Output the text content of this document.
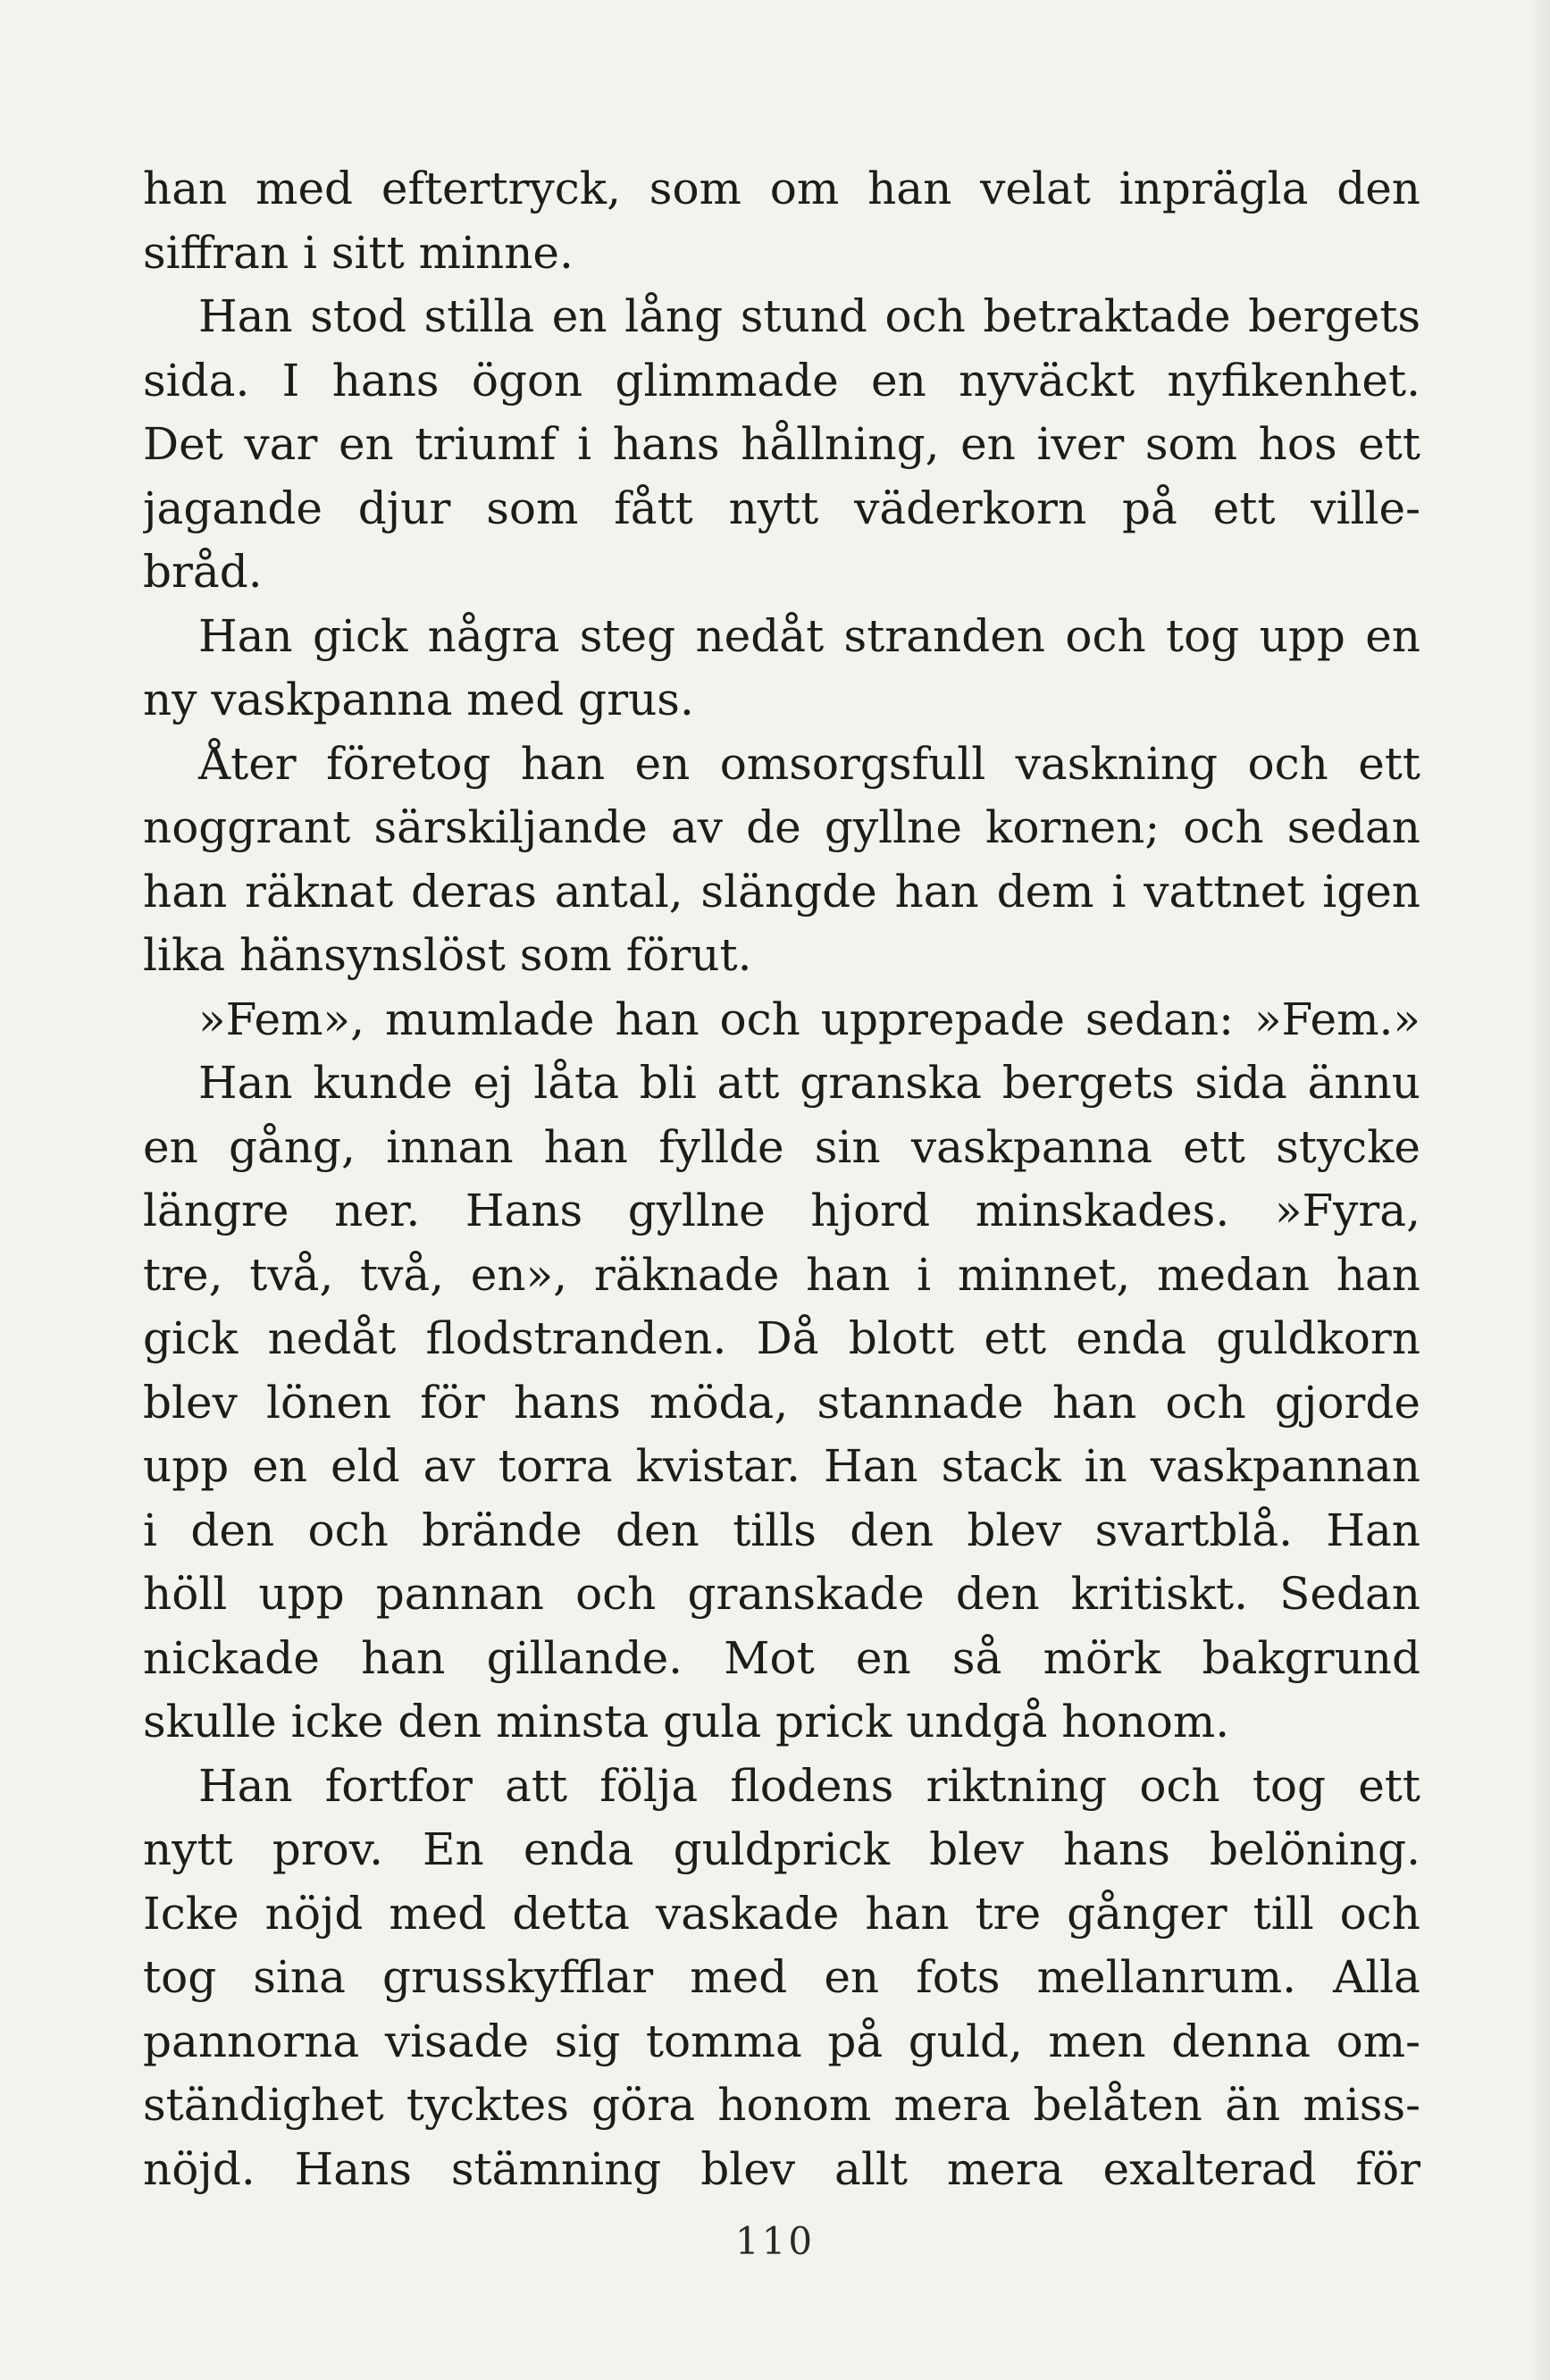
han med eftertryck, som om han velat inprägla den
siffran i sitt minne.
Han stod stilla en lång stund och betraktade bergets
sida. I hans ögon glimmade en nyväckt nyfikenhet.
Det var en triumf i hans hållning, en iver som hos ett
jagande djur som fått nytt väderkorn på ett ville-
bråd.
Han gick några steg nedåt stranden och tog upp en
ny vaskpanna med grus.
Åter företog han en omsorgsfull vaskning och ett
noggrant särskiljande av de gyllne kornen; och sedan
han räknat deras antal, slängde han dem i vattnet igen
lika hänsynslöst som förut.
»Fem», mumlade han och upprepade sedan: »Fem.»
Han kunde ej låta bli att granska bergets sida ännu
en gång, innan han fyllde sin vaskpanna ett stycke
längre ner. Hans gyllne hjord minskades. »Fyra,
tre, två, två, en», räknade han i minnet, medan han
gick nedåt flodstranden. Då blott ett enda guldkorn
blev lönen för hans möda, stannade han och gjorde
upp en eld av torra kvistar. Han stack in vaskpannan
i den och brände den tills den blev svartblå. Han
höll upp pannan och granskade den kritiskt. Sedan
nickade han gillande. Mot en så mörk bakgrund
skulle icke den minsta gula prick undgå honom.
Han fortfor att följa flodens riktning och tog ett
nytt prov. En enda guldprick blev hans belöning.
Icke nöjd med detta vaskade han tre gånger till och
tog sina grusskyfflar med en fots mellanrum. Alla
pannorna visade sig tomma på guld, men denna om-
ständighet tycktes göra honom mera belåten än miss-
nöjd. Hans stämning blev allt mera exalterad för
110
